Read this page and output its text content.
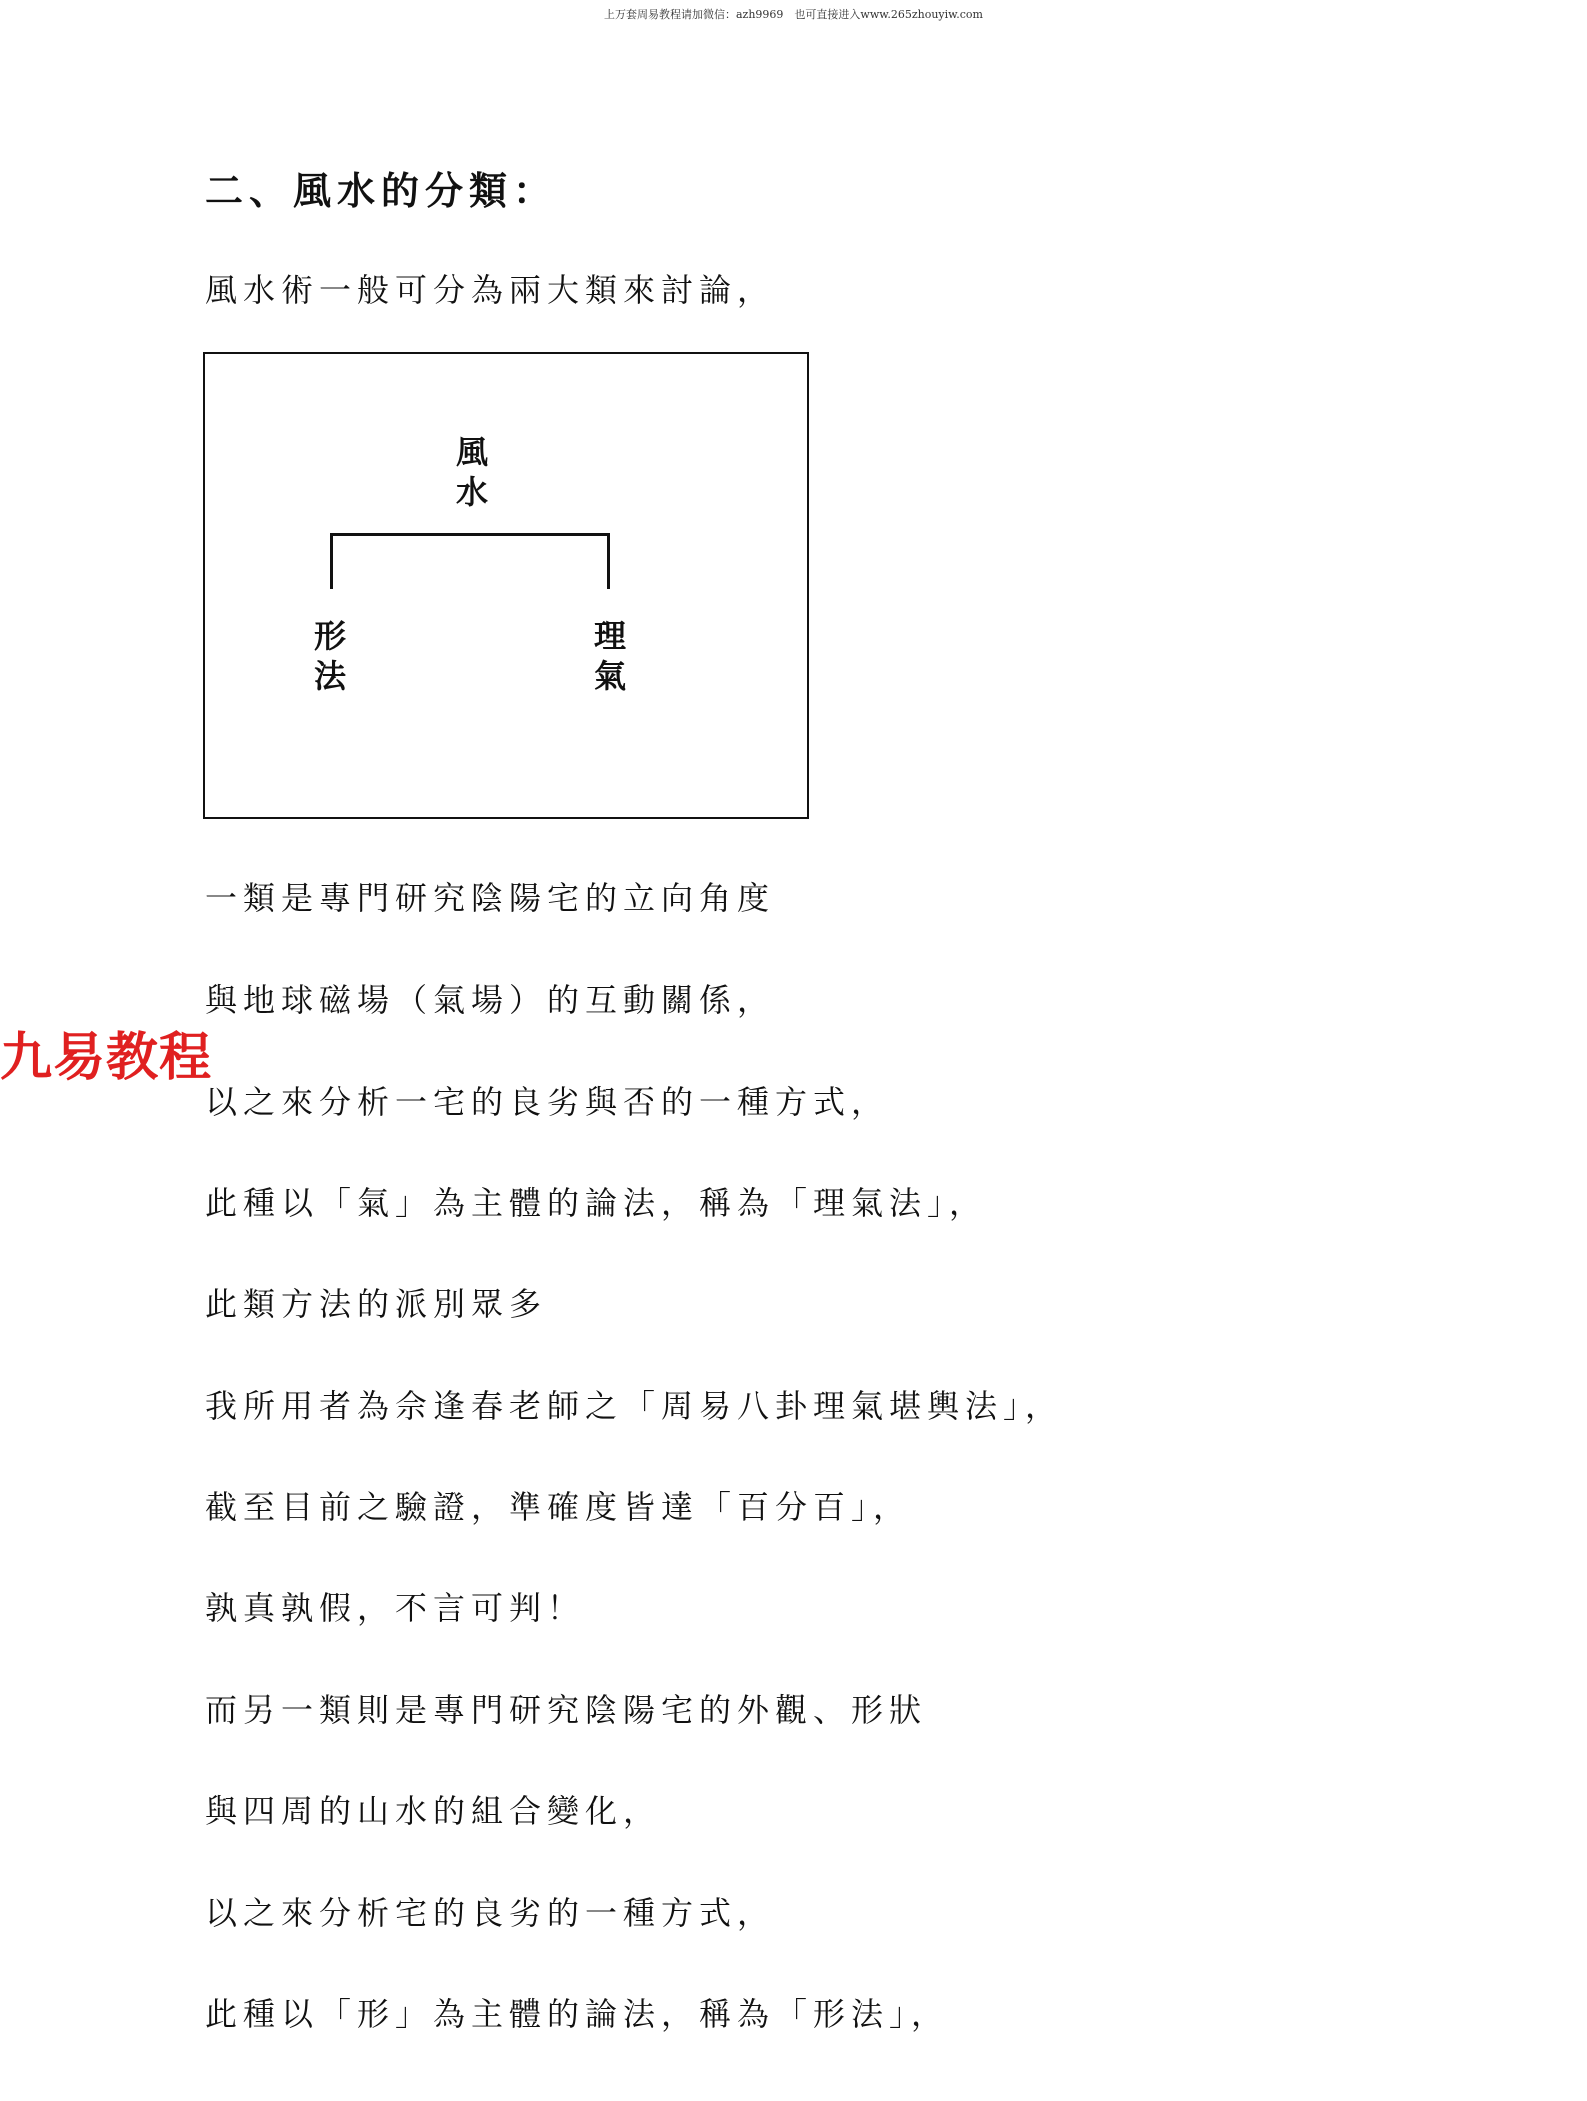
上万套周易教程请加微信：azh9969　也可直接进入www.265zhouyiw.com
二、風水的分類：
風水術一般可分為兩大類來討論，
風
水
形
法
理
氣
一類是專門研究陰陽宅的立向角度
與地球磁場（氣場）的互動關係，
以之來分析一宅的良劣與否的一種方式，
此種以「氣」為主體的論法，稱為「理氣法」，
此類方法的派別眾多
我所用者為佘逢春老師之「周易八卦理氣堪輿法」，
截至目前之驗證，準確度皆達「百分百」，
孰真孰假，不言可判！
而另一類則是專門研究陰陽宅的外觀、形狀
與四周的山水的組合變化，
以之來分析宅的良劣的一種方式，
此種以「形」為主體的論法，稱為「形法」，
九易教程
